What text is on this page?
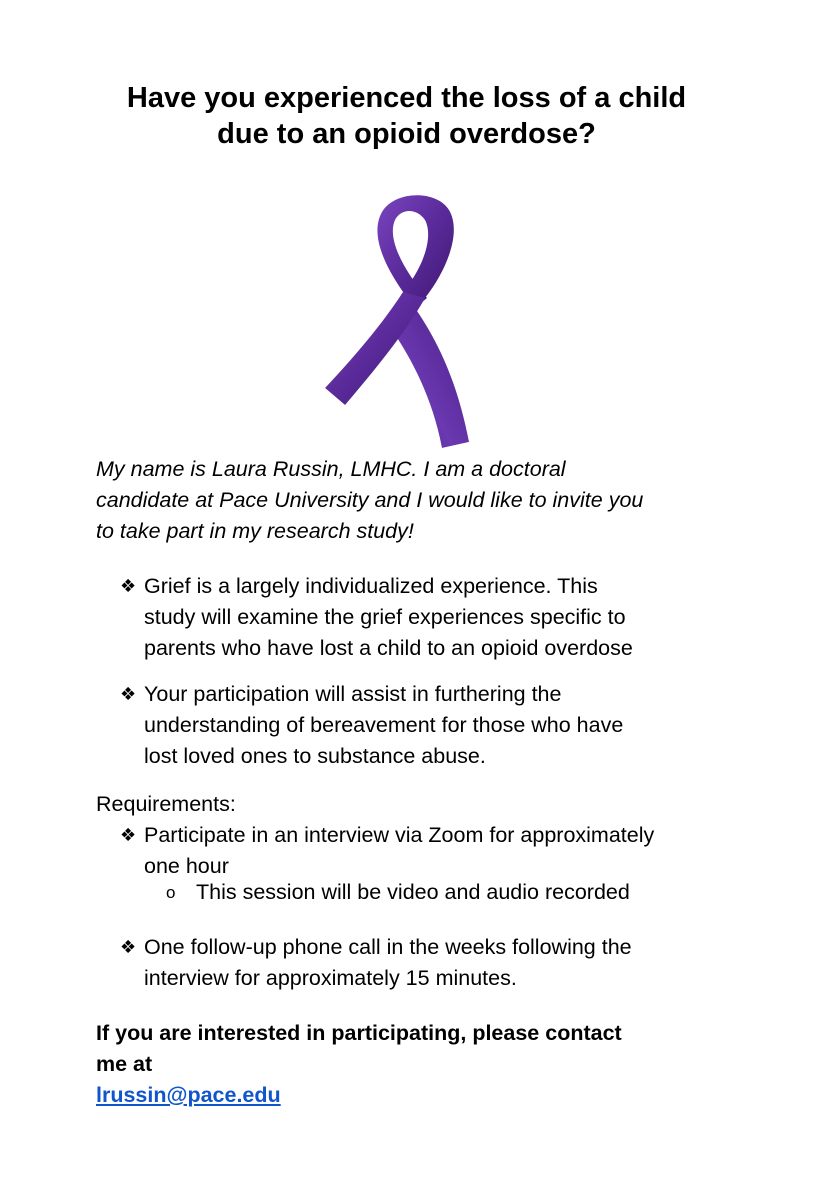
Have you experienced the loss of a child
due to an opioid overdose?
My name is Laura Russin, LMHC. I am a doctoral
candidate at Pace University and I would like to invite you
to take part in my research study!
❖ Grief is a largely individualized experience. This
study will examine the grief experiences specific to
parents who have lost a child to an opioid overdose
❖ Your participation will assist in furthering the
understanding of bereavement for those who have
lost loved ones to substance abuse.
Requirements:
❖ Participate in an interview via Zoom for approximately
one hour
o This session will be video and audio recorded
❖ One follow-up phone call in the weeks following the
interview for approximately 15 minutes.
If you are interested in participating, please contact
me at
lrussin@pace.edu
